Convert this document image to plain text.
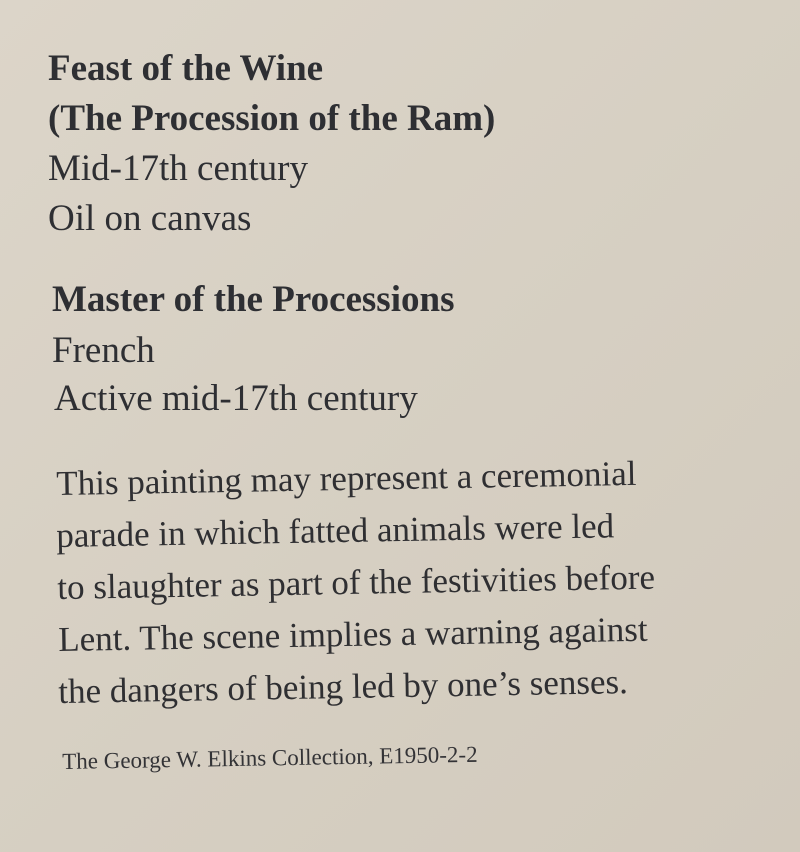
Feast of the Wine
(The Procession of the Ram)
Mid-17th century
Oil on canvas
Master of the Processions
French
Active mid-17th century
This painting may represent a ceremonial
parade in which fatted animals were led
to slaughter as part of the festivities before
Lent. The scene implies a warning against
the dangers of being led by one’s senses.
The George W. Elkins Collection, E1950-2-2
